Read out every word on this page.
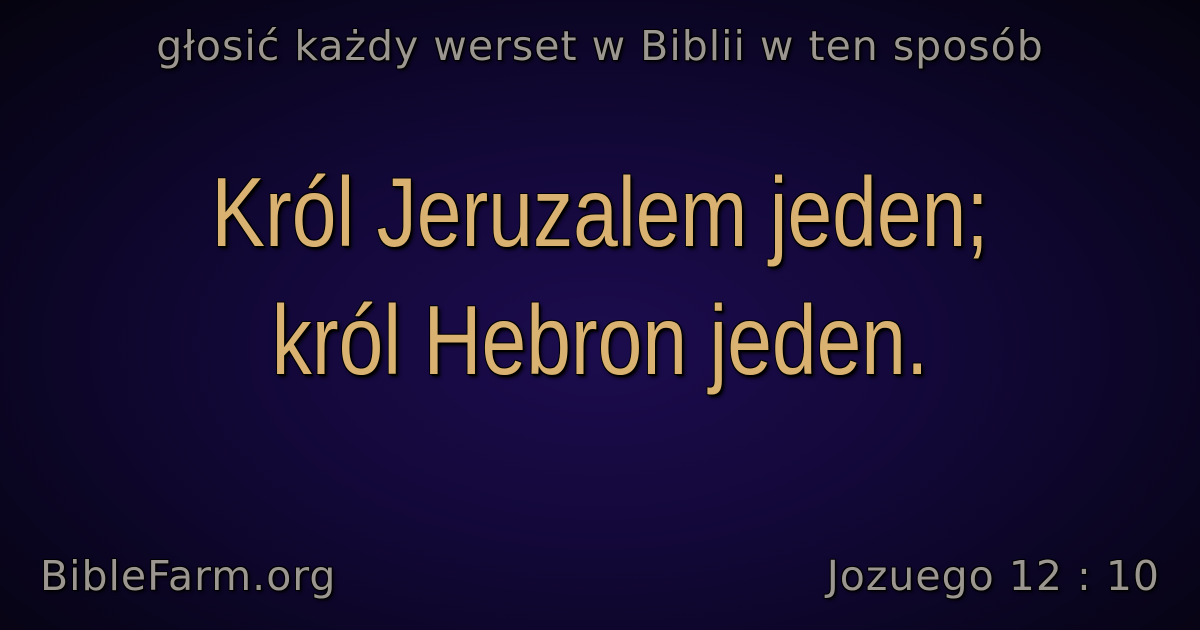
głosić każdy werset w Biblii w ten sposób
Król Jeruzalem jeden;
król Hebron jeden.
BibleFarm.org	Jozuego 12 : 10
